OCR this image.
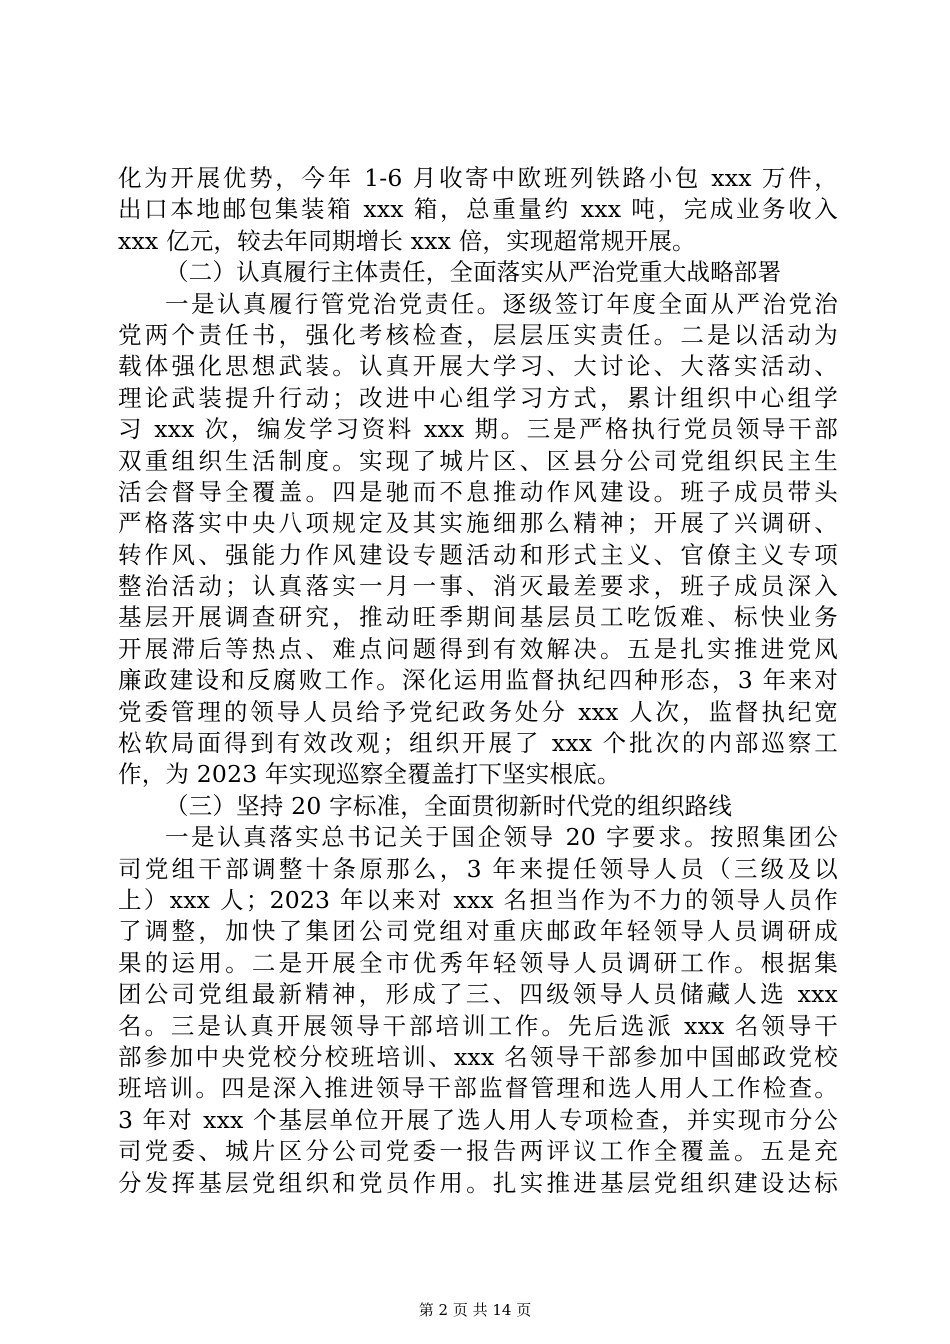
化为开展优势，今年 1-6 月收寄中欧班列铁路小包 xxx 万件，
出口本地邮包集装箱 xxx 箱，总重量约 xxx 吨，完成业务收入
xxx 亿元，较去年同期增长 xxx 倍，实现超常规开展。
（二）认真履行主体责任，全面落实从严治党重大战略部署
一是认真履行管党治党责任。逐级签订年度全面从严治党治
党两个责任书，强化考核检查，层层压实责任。二是以活动为
载体强化思想武装。认真开展大学习、大讨论、大落实活动、
理论武装提升行动；改进中心组学习方式，累计组织中心组学
习 xxx 次，编发学习资料 xxx 期。三是严格执行党员领导干部
双重组织生活制度。实现了城片区、区县分公司党组织民主生
活会督导全覆盖。四是驰而不息推动作风建设。班子成员带头
严格落实中央八项规定及其实施细那么精神；开展了兴调研、
转作风、强能力作风建设专题活动和形式主义、官僚主义专项
整治活动；认真落实一月一事、消灭最差要求，班子成员深入
基层开展调查研究，推动旺季期间基层员工吃饭难、标快业务
开展滞后等热点、难点问题得到有效解决。五是扎实推进党风
廉政建设和反腐败工作。深化运用监督执纪四种形态，3 年来对
党委管理的领导人员给予党纪政务处分 xxx 人次，监督执纪宽
松软局面得到有效改观；组织开展了 xxx 个批次的内部巡察工
作，为 2023 年实现巡察全覆盖打下坚实根底。
（三）坚持 20 字标准，全面贯彻新时代党的组织路线
一是认真落实总书记关于国企领导 20 字要求。按照集团公
司党组干部调整十条原那么，3 年来提任领导人员（三级及以
上）xxx 人；2023 年以来对 xxx 名担当作为不力的领导人员作
了调整，加快了集团公司党组对重庆邮政年轻领导人员调研成
果的运用。二是开展全市优秀年轻领导人员调研工作。根据集
团公司党组最新精神，形成了三、四级领导人员储藏人选 xxx
名。三是认真开展领导干部培训工作。先后选派 xxx 名领导干
部参加中央党校分校班培训、xxx 名领导干部参加中国邮政党校
班培训。四是深入推进领导干部监督管理和选人用人工作检查。
3 年对 xxx 个基层单位开展了选人用人专项检查，并实现市分公
司党委、城片区分公司党委一报告两评议工作全覆盖。五是充
分发挥基层党组织和党员作用。扎实推进基层党组织建设达标
第 2 页 共 14 页
